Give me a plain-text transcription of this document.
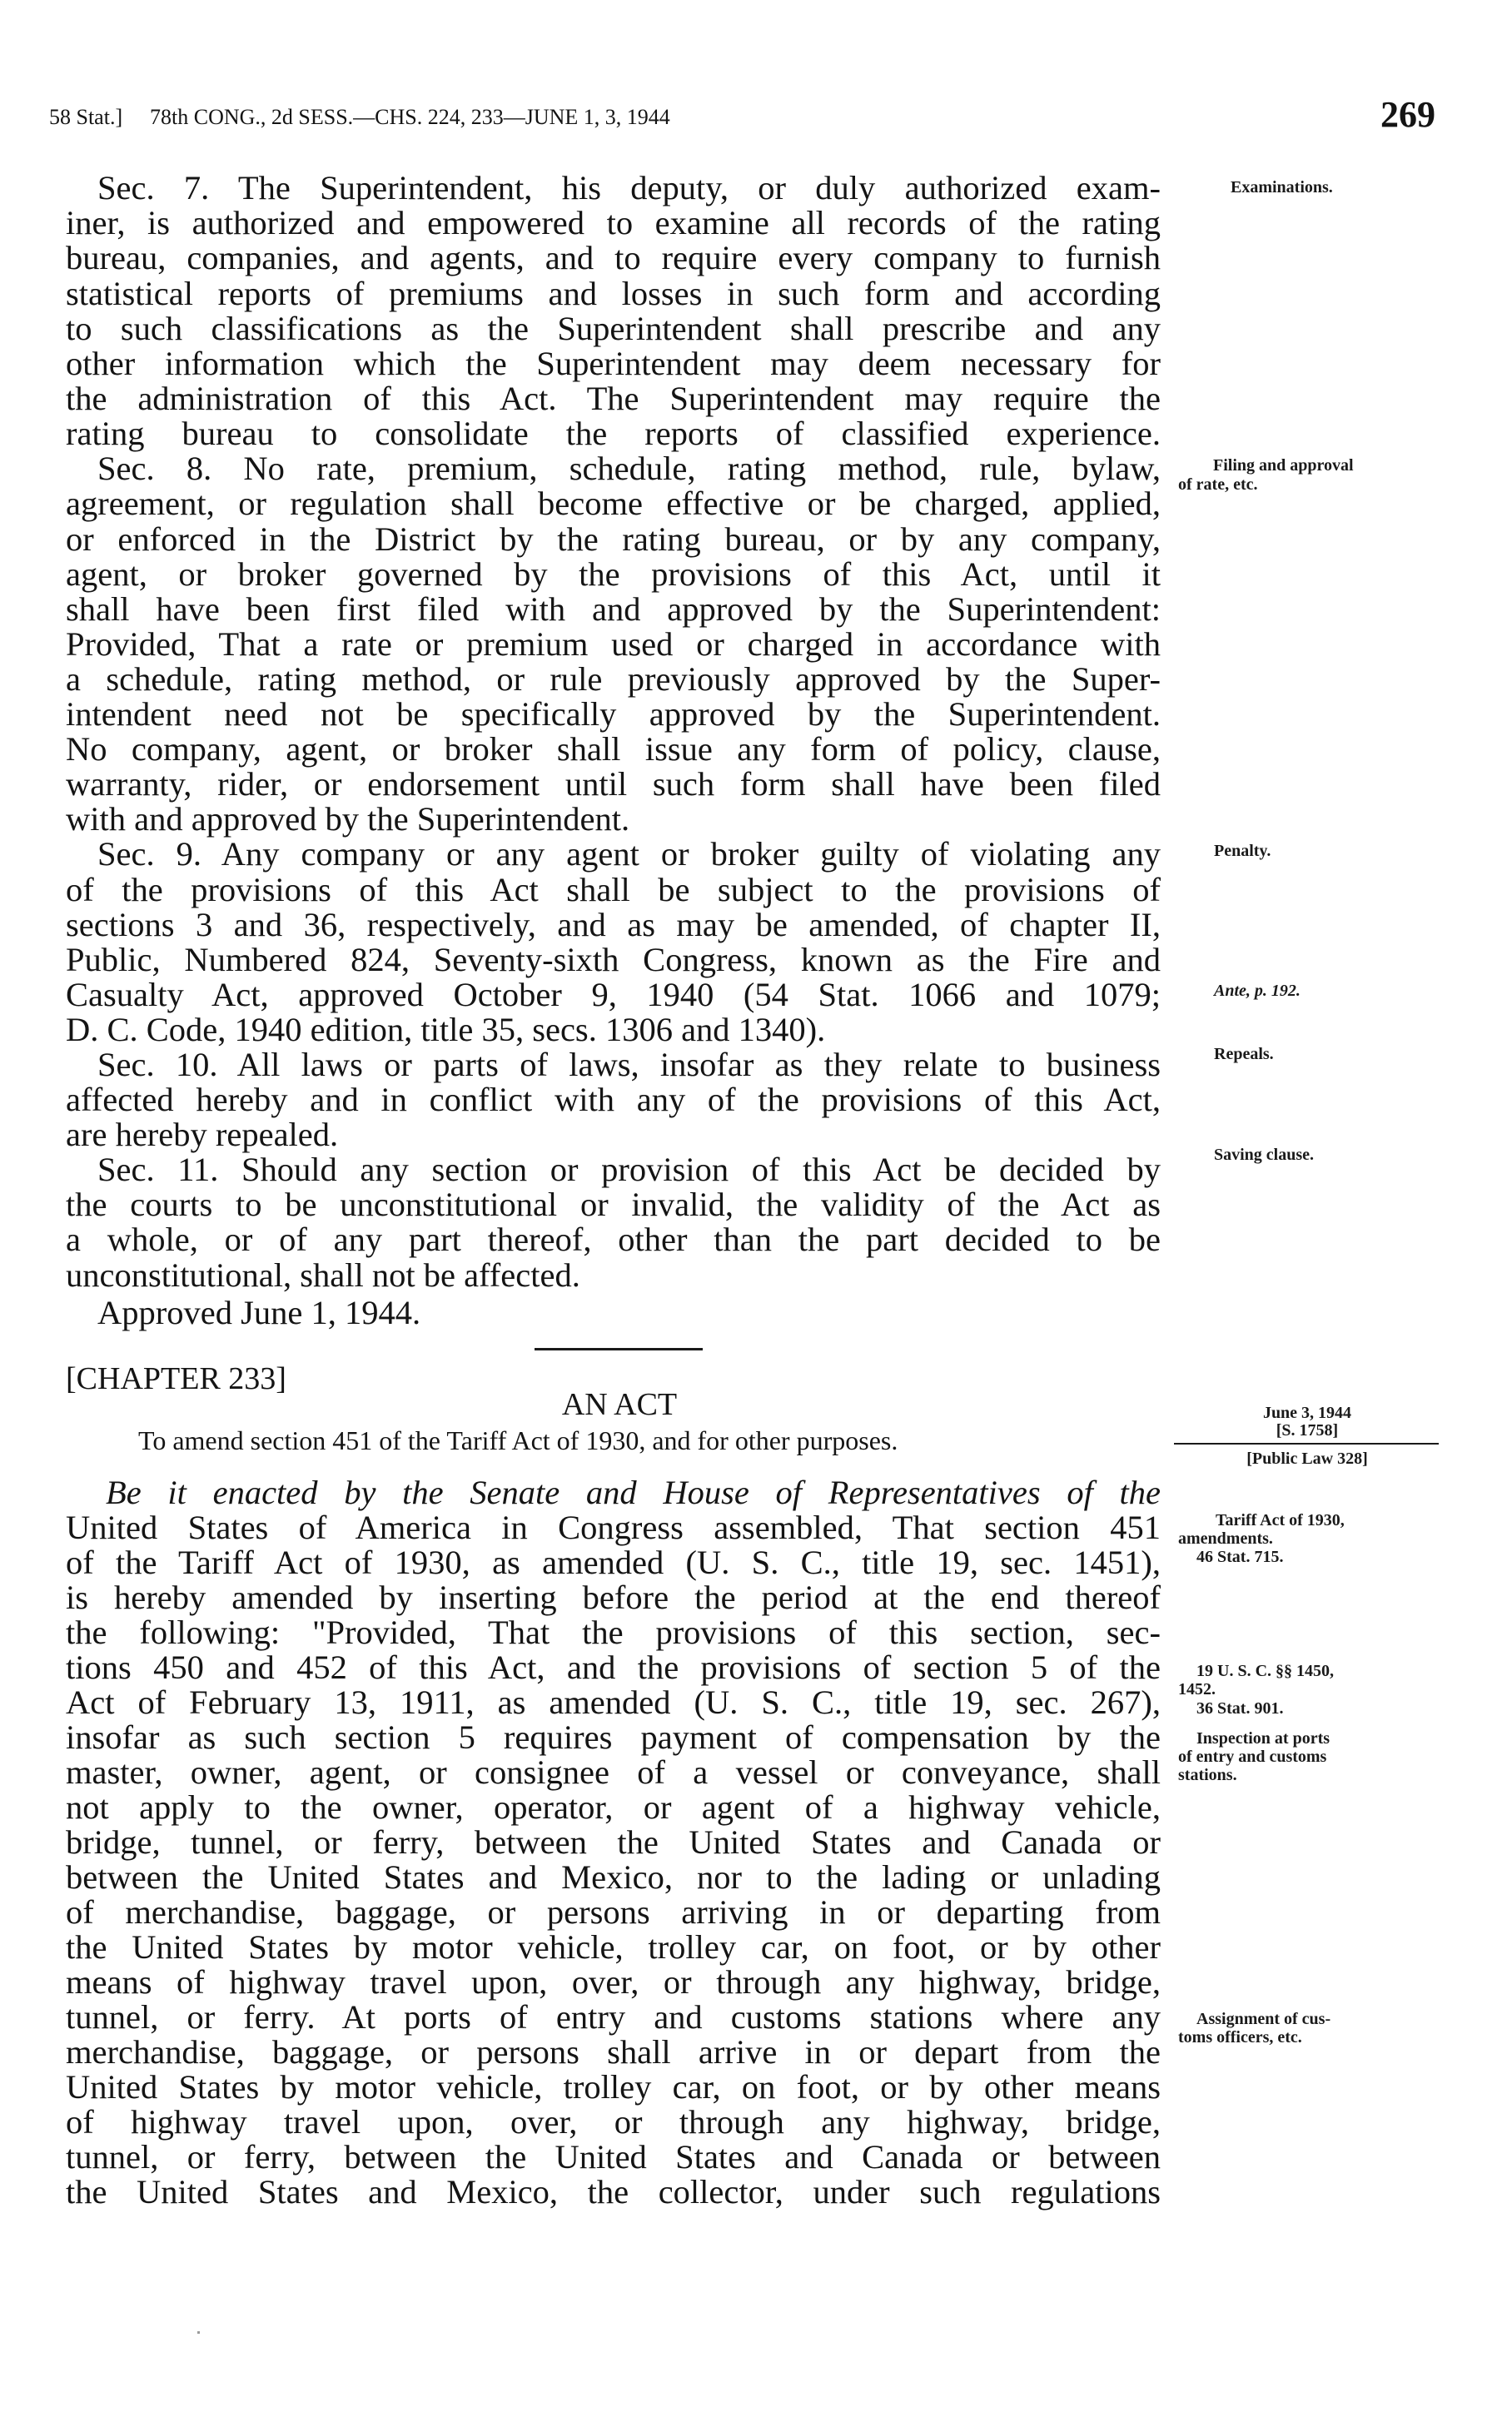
58 Stat.] 78th CONG., 2d SESS.—CHS. 224, 233—JUNE 1, 3, 1944	269
Sec. 7. The Superintendent, his deputy, or duly authorized exam-
iner, is authorized and empowered to examine all records of the rating
bureau, companies, and agents, and to require every company to furnish
statistical reports of premiums and losses in such form and according
to such classifications as the Superintendent shall prescribe and any
other information which the Superintendent may deem necessary for
the administration of this Act. The Superintendent may require the
rating bureau to consolidate the reports of classified experience.
Sec. 8. No rate, premium, schedule, rating method, rule, bylaw,
agreement, or regulation shall become effective or be charged, applied,
or enforced in the District by the rating bureau, or by any company,
agent, or broker governed by the provisions of this Act, until it
shall have been first filed with and approved by the Superintendent:
Provided, That a rate or premium used or charged in accordance with
a schedule, rating method, or rule previously approved by the Super-
intendent need not be specifically approved by the Superintendent.
No company, agent, or broker shall issue any form of policy, clause,
warranty, rider, or endorsement until such form shall have been filed
with and approved by the Superintendent.
Sec. 9. Any company or any agent or broker guilty of violating any
of the provisions of this Act shall be subject to the provisions of
sections 3 and 36, respectively, and as may be amended, of chapter II,
Public, Numbered 824, Seventy-sixth Congress, known as the Fire and
Casualty Act, approved October 9, 1940 (54 Stat. 1066 and 1079;
D. C. Code, 1940 edition, title 35, secs. 1306 and 1340).
Sec. 10. All laws or parts of laws, insofar as they relate to business
affected hereby and in conflict with any of the provisions of this Act,
are hereby repealed.
Sec. 11. Should any section or provision of this Act be decided by
the courts to be unconstitutional or invalid, the validity of the Act as
a whole, or of any part thereof, other than the part decided to be
unconstitutional, shall not be affected.
Approved June 1, 1944.
[CHAPTER 233]
AN ACT
To amend section 451 of the Tariff Act of 1930, and for other purposes.
Be it enacted by the Senate and House of Representatives of the
United States of America in Congress assembled, That section 451
of the Tariff Act of 1930, as amended (U. S. C., title 19, sec. 1451),
is hereby amended by inserting before the period at the end thereof
the following: "Provided, That the provisions of this section, sec-
tions 450 and 452 of this Act, and the provisions of section 5 of the
Act of February 13, 1911, as amended (U. S. C., title 19, sec. 267),
insofar as such section 5 requires payment of compensation by the
master, owner, agent, or consignee of a vessel or conveyance, shall
not apply to the owner, operator, or agent of a highway vehicle,
bridge, tunnel, or ferry, between the United States and Canada or
between the United States and Mexico, nor to the lading or unlading
of merchandise, baggage, or persons arriving in or departing from
the United States by motor vehicle, trolley car, on foot, or by other
means of highway travel upon, over, or through any highway, bridge,
tunnel, or ferry. At ports of entry and customs stations where any
merchandise, baggage, or persons shall arrive in or depart from the
United States by motor vehicle, trolley car, on foot, or by other means
of highway travel upon, over, or through any highway, bridge,
tunnel, or ferry, between the United States and Canada or between
the United States and Mexico, the collector, under such regulations
Examinations.
Filing and approval
of rate, etc.
Penalty.
Ante, p. 192.
Repeals.
Saving clause.
June 3, 1944
[S. 1758]
[Public Law 328]
Tariff Act of 1930,
amendments.
46 Stat. 715.
19 U. S. C. §§ 1450,
1452.
36 Stat. 901.
Inspection at ports
of entry and customs
stations.
Assignment of cus-
toms officers, etc.
